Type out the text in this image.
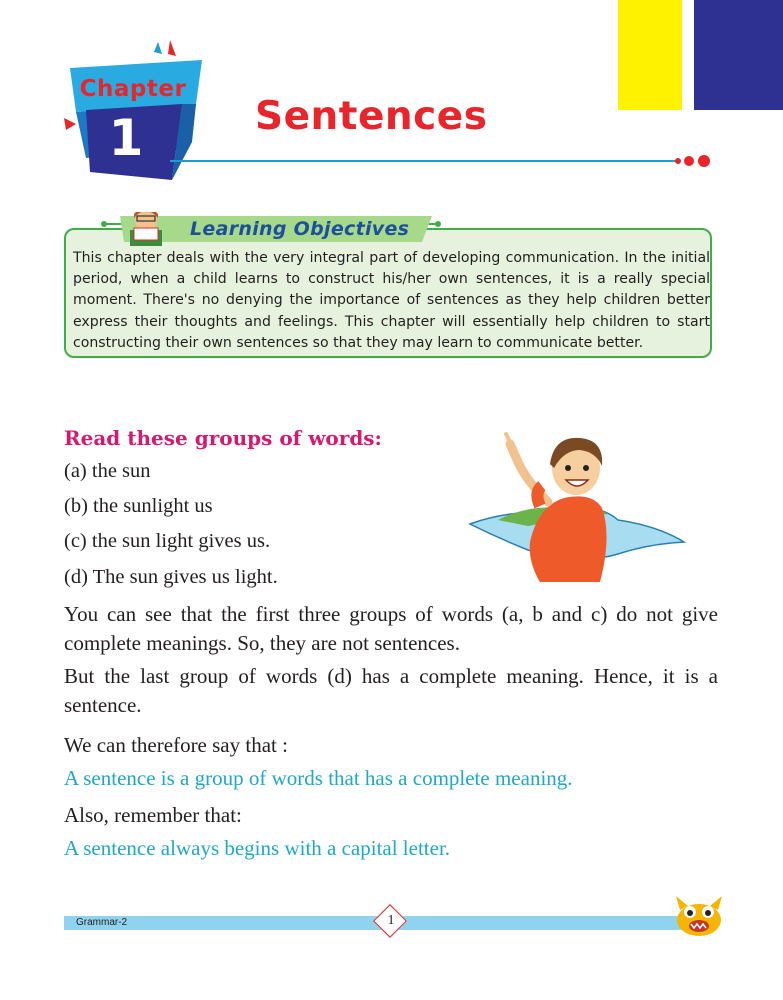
Chapter
1	Sentences
Learning Objectives
This chapter deals with the very integral part of developing communication. In the initial period, when a child learns to construct his/her own sentences, it is a really special moment. There's no denying the importance of sentences as they help children better express their thoughts and feelings. This chapter will essentially help children to start constructing their own sentences so that they may learn to communicate better.
Read these groups of words:
(a) the sun
(b) the sunlight us
(c) the sun light gives us.
(d) The sun gives us light.
You can see that the first three groups of words (a, b and c) do not give complete meanings. So, they are not sentences.
But the last group of words (d) has a complete meaning. Hence, it is a sentence.
We can therefore say that :
A sentence is a group of words that has a complete meaning.
Also, remember that:
A sentence always begins with a capital letter.
Grammar-2	1
